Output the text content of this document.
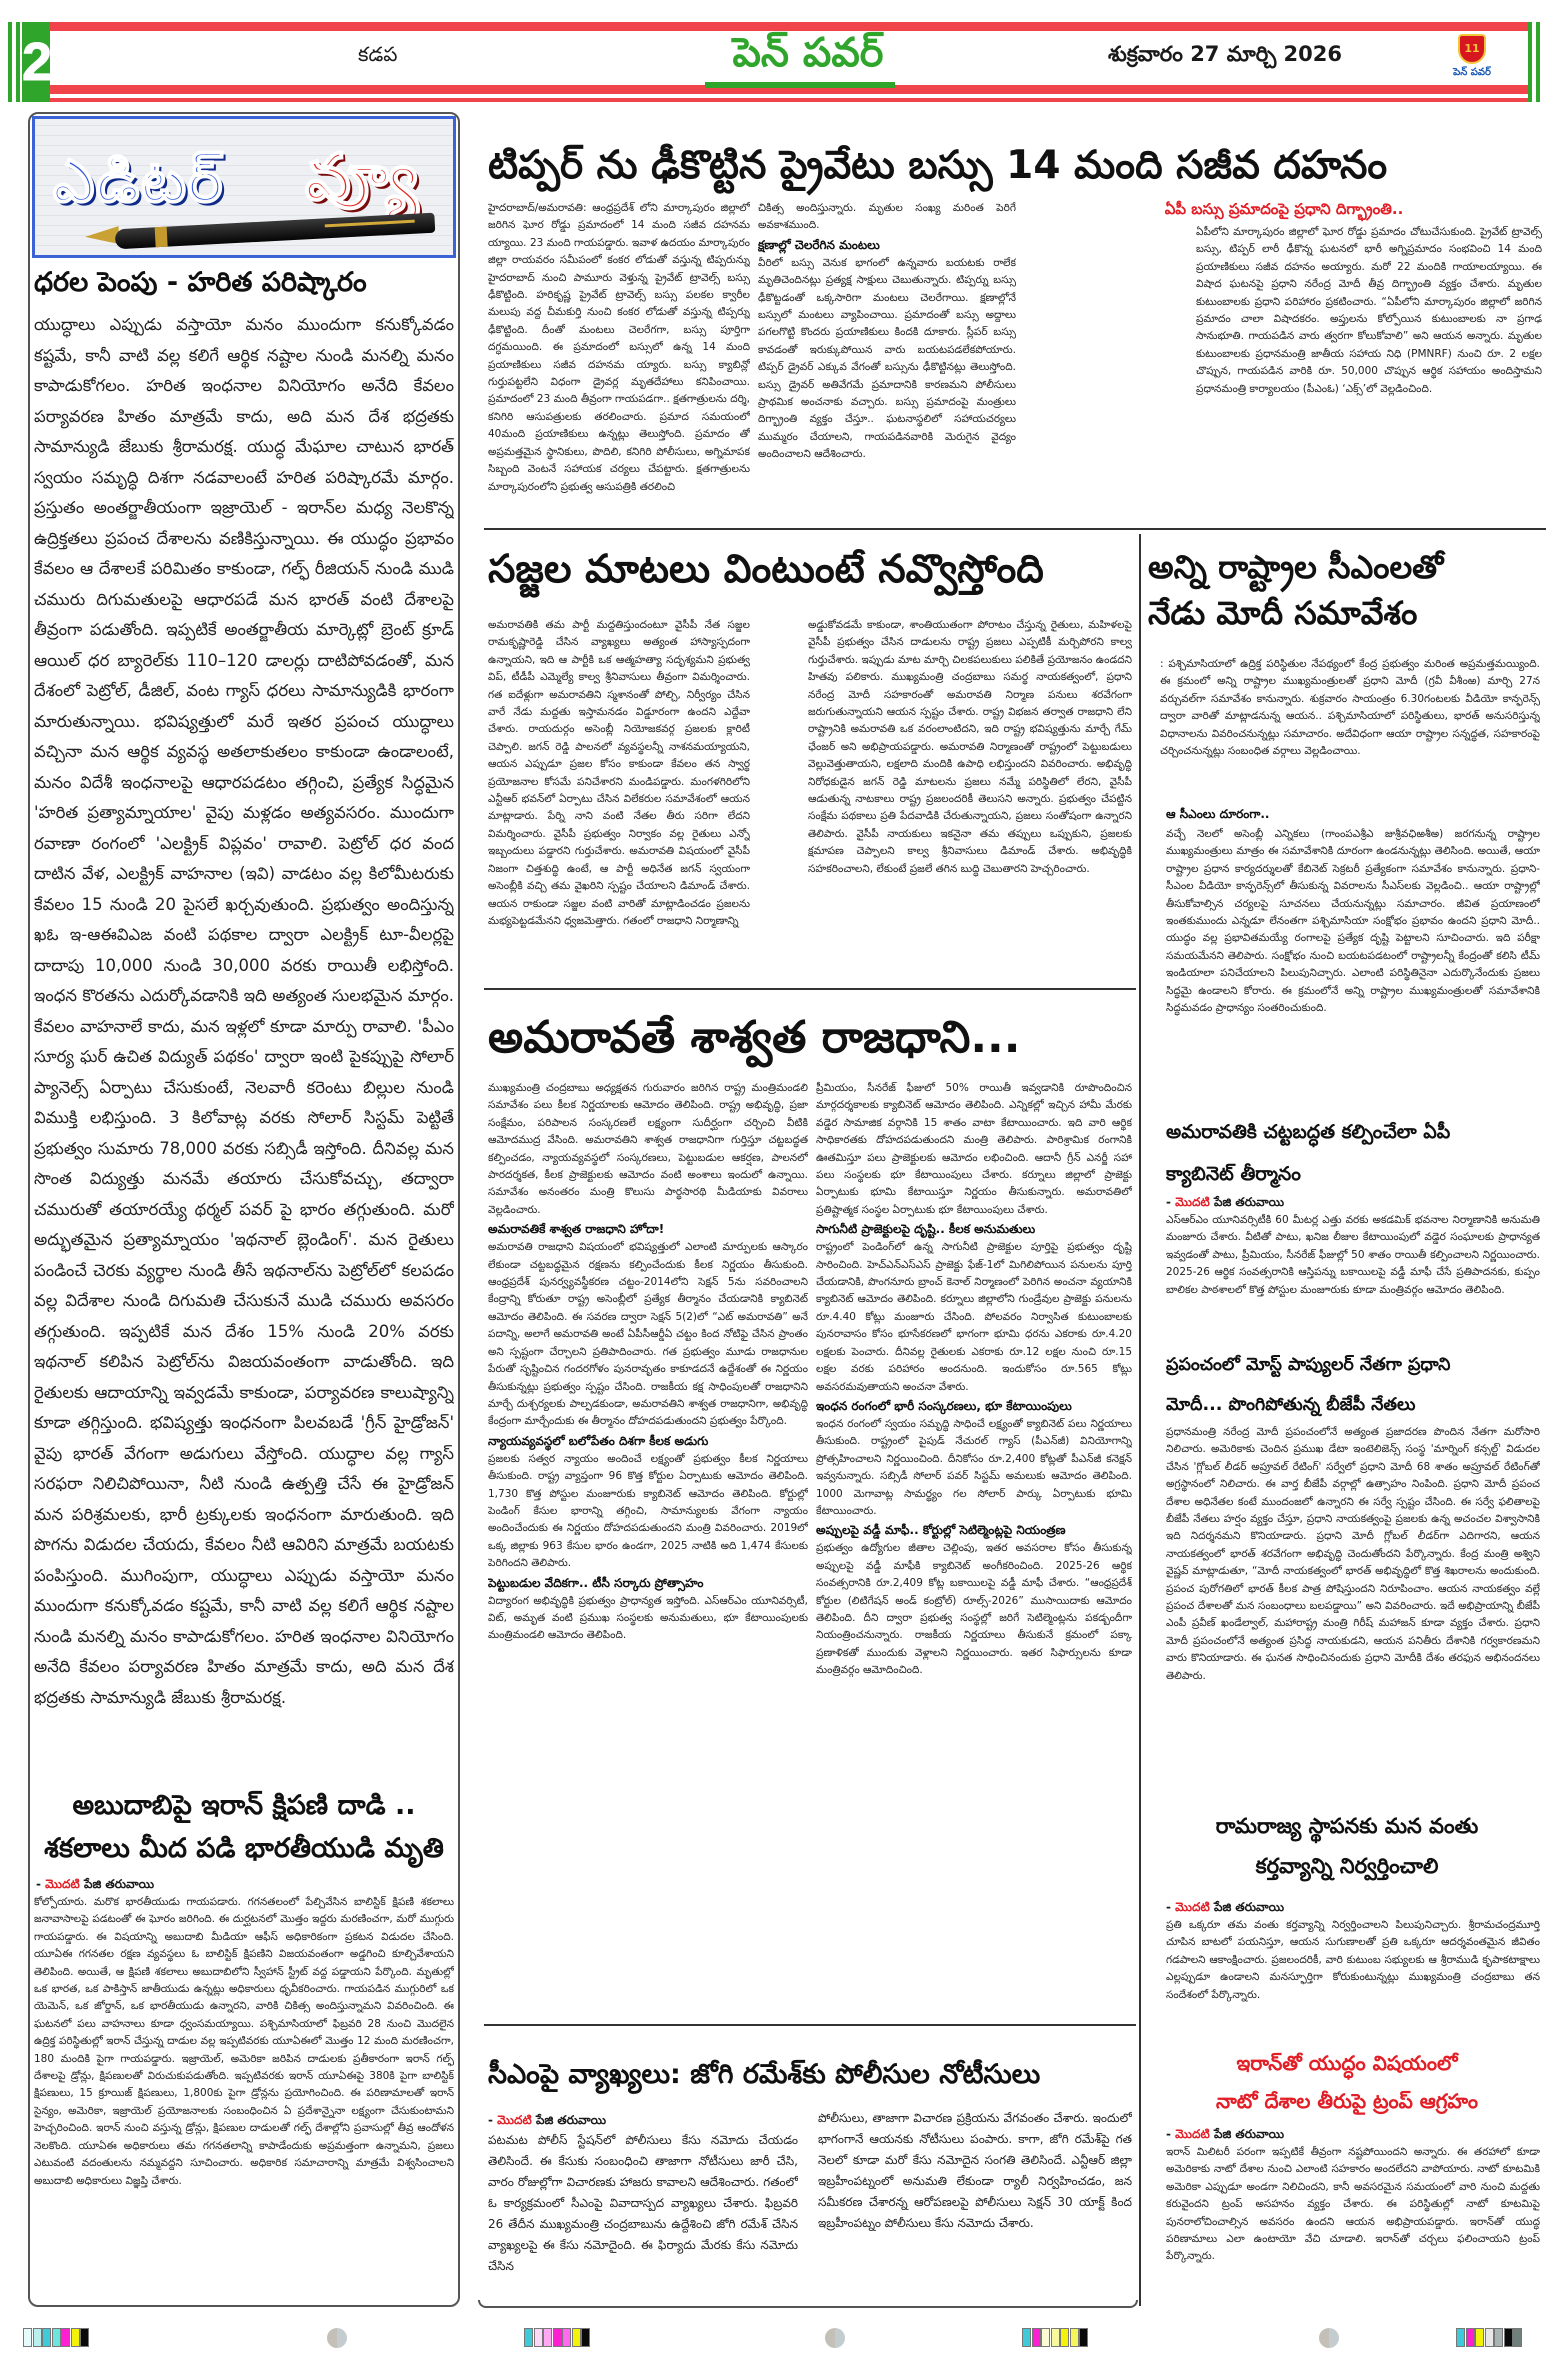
2	కడప	పెన్ పవర్	శుక్రవారం 27 మార్చి 2026	11
పెన్ పవర్
ఎడిటర్ వ్యూ
ధరల పెంపు - హరిత పరిష్కారం
యుద్ధాలు ఎప్పుడు వస్తాయో మనం ముందుగా కనుక్కోవడం కష్టమే, కానీ వాటి వల్ల కలిగే ఆర్థిక నష్టాల నుండి మనల్ని మనం కాపాడుకోగలం. హరిత ఇంధనాల వినియోగం అనేది కేవలం పర్యావరణ హితం మాత్రమే కాదు, అది మన దేశ భద్రతకు సామాన్యుడి జేబుకు శ్రీరామరక్ష. యుద్ధ మేఘాల చాటున భారత్ స్వయం సమృద్ధి దిశగా నడవాలంటే హరిత పరిష్కారమే మార్గం. ప్రస్తుతం అంతర్జాతీయంగా ఇజ్రాయెల్ - ఇరాన్‌ల మధ్య నెలకొన్న ఉద్రిక్తతలు ప్రపంచ దేశాలను వణికిస్తున్నాయి. ఈ యుద్ధం ప్రభావం కేవలం ఆ దేశాలకే పరిమితం కాకుండా, గల్ఫ్ రీజియన్ నుండి ముడి చమురు దిగుమతులపై ఆధారపడే మన భారత్ వంటి దేశాలపై తీవ్రంగా పడుతోంది. ఇప్పటికే అంతర్జాతీయ మార్కెట్లో బ్రెంట్ క్రూడ్ ఆయిల్ ధర బ్యారెల్‌కు 110–120 డాలర్లు దాటిపోవడంతో, మన దేశంలో పెట్రోల్, డీజిల్, వంట గ్యాస్ ధరలు సామాన్యుడికి భారంగా మారుతున్నాయి. భవిష్యత్తులో మరే ఇతర ప్రపంచ యుద్ధాలు వచ్చినా మన ఆర్థిక వ్యవస్థ అతలాకుతలం కాకుండా ఉండాలంటే, మనం విదేశీ ఇంధనాలపై ఆధారపడటం తగ్గించి, ప్రత్యేక సిద్ధమైన 'హరిత ప్రత్యామ్నాయాల' వైపు మళ్లడం అత్యవసరం. ముందుగా రవాణా రంగంలో 'ఎలక్ట్రిక్ విప్లవం' రావాలి. పెట్రోల్ ధర వంద దాటిన వేళ, ఎలక్ట్రిక్ వాహనాల (ఇవి) వాడటం వల్ల కిలోమీటరుకు కేవలం 15 నుండి 20 పైసలే ఖర్చవుతుంది. ప్రభుత్వం అందిస్తున్న ఖఓ ఇ-ఆఈవిఎఙ వంటి పథకాల ద్వారా ఎలక్ట్రిక్ టూ-వీలర్లపై దాదాపు 10,000 నుండి 30,000 వరకు రాయితీ లభిస్తోంది. ఇంధన కొరతను ఎదుర్కోవడానికి ఇది అత్యంత సులభమైన మార్గం. కేవలం వాహనాలే కాదు, మన ఇళ్లలో కూడా మార్పు రావాలి. 'పీఎం సూర్య ఘర్ ఉచిత విద్యుత్ పథకం' ద్వారా ఇంటి పైకప్పుపై సోలార్ ప్యానెల్స్ ఏర్పాటు చేసుకుంటే, నెలవారీ కరెంటు బిల్లుల నుండి విముక్తి లభిస్తుంది. 3 కిలోవాట్ల వరకు సోలార్ సిస్టమ్ పెట్టితే ప్రభుత్వం సుమారు 78,000 వరకు సబ్సిడీ ఇస్తోంది. దీనివల్ల మన సొంత విద్యుత్తు మనమే తయారు చేసుకోవచ్చు, తద్వారా చమురుతో తయారయ్యే థర్మల్ పవర్ పై భారం తగ్గుతుంది. మరో అద్భుతమైన ప్రత్యామ్నాయం 'ఇథనాల్ బ్లెండింగ్'. మన రైతులు పండించే చెరకు వ్యర్థాల నుండి తీసే ఇథనాల్‌ను పెట్రోల్‌లో కలపడం వల్ల విదేశాల నుండి దిగుమతి చేసుకునే ముడి చమురు అవసరం తగ్గుతుంది. ఇప్పటికే మన దేశం 15% నుండి 20% వరకు ఇథనాల్ కలిపిన పెట్రోల్‌ను విజయవంతంగా వాడుతోంది. ఇది రైతులకు ఆదాయాన్ని ఇవ్వడమే కాకుండా, పర్యావరణ కాలుష్యాన్ని కూడా తగ్గిస్తుంది. భవిష్యత్తు ఇంధనంగా పిలవబడే 'గ్రీన్ హైడ్రోజన్' వైపు భారత్ వేగంగా అడుగులు వేస్తోంది. యుద్ధాల వల్ల గ్యాస్ సరఫరా నిలిచిపోయినా, నీటి నుండి ఉత్పత్తి చేసే ఈ హైడ్రోజన్ మన పరిశ్రమలకు, భారీ ట్రక్కులకు ఇంధనంగా మారుతుంది. ఇది పొగను విడుదల చేయదు, కేవలం నీటి ఆవిరిని మాత్రమే బయటకు పంపిస్తుంది. ముగింపుగా, యుద్ధాలు ఎప్పుడు వస్తాయో మనం ముందుగా కనుక్కోవడం కష్టమే, కానీ వాటి వల్ల కలిగే ఆర్థిక నష్టాల నుండి మనల్ని మనం కాపాడుకోగలం. హరిత ఇంధనాల వినియోగం అనేది కేవలం పర్యావరణ హితం మాత్రమే కాదు, అది మన దేశ భద్రతకు సామాన్యుడి జేబుకు శ్రీరామరక్ష.
అబుదాబిపై ఇరాన్ క్షిపణి దాడి ..
శకలాలు మీద పడి భారతీయుడి మృతి
- మొదటి పేజి తరువాయి
కోల్పోయారు. మరొక భారతీయుడు గాయపడారు. గగనతలంలో పేల్చివేసిన బాలిస్టిక్ క్షిపణి శకలాలు జనావాసాలపై పడటంతో ఈ ఘోరం జరిగింది. ఈ దుర్ఘటనలో మొత్తం ఇద్దరు మరణించగా, మరో ముగ్గురు గాయపడ్డారు. ఈ విషయాన్ని అబుదాబి మీడియా ఆఫీస్ అధికారికంగా ప్రకటన విడుదల చేసింది. యూఏఈ గగనతల రక్షణ వ్యవస్థలు ఓ బాలిస్టిక్ క్షిపణిని విజయవంతంగా అడ్డగించి కూల్చివేశాయని తెలిపింది. అయితే, ఆ క్షిపణి శకలాలు అబుదాబిలోని స్వీహాన్ స్ట్రీట్ వద్ద పడ్డాయని పేర్కొంది. మృతుల్లో ఒక భారత, ఒక పాకిస్తాన్ జాతీయుడు ఉన్నట్లు అధికారులు ధృవీకరించారు. గాయపడిన ముగ్గురిలో ఒక యెమెన్, ఒక జోర్డాన్, ఒక భారతీయుడు ఉన్నారని, వారికి చికిత్స అందిస్తున్నామని వివరించింది. ఈ ఘటనలో పలు వాహనాలు కూడా ధ్వంసమయ్యాయి. పశ్చిమాసియాలో ఫిబ్రవరి 28 నుంచి మొదలైన ఉద్రిక్త పరిస్థితుల్లో ఇరాన్ చేస్తున్న దాడుల వల్ల ఇప్పటివరకు యూఏఈలో మొత్తం 12 మంది మరణించగా, 180 మందికి పైగా గాయపడ్డారు. ఇజ్రాయెల్, అమెరికా జరిపిన దాడులకు ప్రతీకారంగా ఇరాన్ గల్ఫ్ దేశాలపై డ్రోన్లు, క్షిపణులతో విరుచుకుపడుతోంది. ఇప్పటివరకు ఇరాన్ యూఏఈపై 380కి పైగా బాలిస్టిక్ క్షిపణులు, 15 క్రూయిజ్ క్షిపణులు, 1,800కు పైగా డ్రోన్లను ప్రయోగించింది. ఈ పరిణామాలతో ఇరాన్ సైన్యం, అమెరికా, ఇజ్రాయెల్ ప్రయోజనాలకు సంబంధించిన ఏ ప్రదేశాన్నైనా లక్ష్యంగా చేసుకుంటామని హెచ్చరించింది. ఇరాన్ నుంచి వస్తున్న డ్రోన్లు, క్షిపణుల దాడులతో గల్ఫ్ దేశాల్లోని ప్రవాసుల్లో తీవ్ర ఆందోళన నెలకొంది. యూఏఈ అధికారులు తమ గగనతలాన్ని కాపాడేందుకు అప్రమత్తంగా ఉన్నామని, ప్రజలు ఎటువంటి వదంతులను నమ్మవద్దని సూచించారు. అధికారిక సమాచారాన్ని మాత్రమే విశ్వసించాలని అబుదాబి అధికారులు విజ్ఞప్తి చేశారు.
టిప్పర్ ను ఢీకొట్టిన ప్రైవేటు బస్సు 14 మంది సజీవ దహనం
హైదరాబాద్/అమరావతి: ఆంధ్రప్రదేశ్ లోని మార్కాపురం జిల్లాలో జరిగిన ఘోర రోడ్డు ప్రమాదంలో 14 మంది సజీవ దహనమ య్యాయి. 23 మంది గాయపడ్డారు. ఇవాళ ఉదయం మార్కాపురం జిల్లా రాయవరం సమీపంలో కంకర లోడుతో వస్తున్న టిప్పరున్ను హైదరాబాద్ నుంచి పామూరు వెళ్తున్న ప్రైవేట్ ట్రావెల్స్ బస్సు ఢీకొట్టింది. హరికృష్ణ ప్రైవేట్ ట్రావెల్స్ బస్సు పలకల క్వారీల మలుపు వద్ద చీమకుర్తి నుంచి కంకర లోడుతో వస్తున్న టిప్పర్ను ఢీకొట్టింది. దీంతో మంటలు చెలరేగగా, బస్సు పూర్తిగా దగ్ధమయింది. ఈ ప్రమాదంలో బస్సులో ఉన్న 14 మంది ప్రయాణికులు సజీవ దహనమ య్యారు. బస్సు క్యాబిన్లో గుర్తుపట్టలేని విధంగా డ్రైవర్ల మృతదేహాలు కనిపించాయి. ప్రమాదంలో 23 మంది తీవ్రంగా గాయపడగా.. క్షతగాత్రులను దర్శి, కనిగిరి ఆసుపత్రులకు తరలించారు. ప్రమాద సమయంలో 40మంది ప్రయాణికులు ఉన్నట్లు తెలుస్తోంది. ప్రమాదం తో అప్రమత్తమైన స్థానికులు, పొదిలి, కనిగిరి పోలీసులు, అగ్నిమాపక సిబ్బంది వెంటనే సహాయక చర్యలు చేపట్టారు. క్షతగాత్రులను మార్కాపురంలోని ప్రభుత్వ ఆసుపత్రికి తరలించి
చికిత్స అందిస్తున్నారు. మృతుల సంఖ్య మరింత పెరిగే అవకాశముంది.
క్షణాల్లో చెలరేగిన మంటలు
వీరిలో బస్సు వెనుక భాగంలో ఉన్నవారు బయటకు రాలేక మృతిచెందినట్లు ప్రత్యక్ష సాక్షులు చెబుతున్నారు. టిప్పర్ను బస్సు ఢీకొట్టడంతో ఒక్కసారిగా మంటలు చెలరేగాయి. క్షణాల్లోనే బస్సులో మంటలు వ్యాపించాయి. ప్రమాదంతో బస్సు అద్దాలు పగలగొట్టి కొందరు ప్రయాణికులు కిందకి దూకారు. స్లీపర్ బస్సు కావడంతో ఇరుక్కుపోయిన వారు బయటపడలేకపోయారు. టిప్పర్ డ్రైవర్ ఎక్కువ వేగంతో బస్సును ఢీకొట్టినట్లు తెలుస్తోంది. బస్సు డ్రైవర్ అతివేగమే ప్రమాదానికి కారణమని పోలీసులు ప్రాథమిక అంచనాకు వచ్చారు. బస్సు ప్రమాదంపై మంత్రులు దిగ్భ్రాంతి వ్యక్తం చేస్తూ.. ఘటనాస్థలిలో సహాయచర్యలు ముమ్మరం చేయాలని, గాయపడినవారికి మెరుగైన వైద్యం అందించాలని ఆదేశించారు.
ఏపీ బస్సు ప్రమాదంపై ప్రధాని దిగ్భ్రాంతి..
ఏపీలోని మార్కాపురం జిల్లాలో ఘోర రోడ్డు ప్రమాదం చోటుచేసుకుంది. ప్రైవేట్ ట్రావెల్స్ బస్సు, టిప్పర్ లారీ ఢీకొన్న ఘటనలో భారీ అగ్నిప్రమాదం సంభవించి 14 మంది ప్రయాణికులు సజీవ దహనం అయ్యారు. మరో 22 మందికి గాయాలయ్యాయి. ఈ విషాద ఘటనపై ప్రధాని నరేంద్ర మోదీ తీవ్ర దిగ్భ్రాంతి వ్యక్తం చేశారు. మృతుల కుటుంబాలకు ప్రధాని పరిహారం ప్రకటించారు. “ఏపీలోని మార్కాపురం జిల్లాలో జరిగిన ప్రమాదం చాలా విషాదకరం. అప్తులను కోల్పోయిన కుటుంబాలకు నా ప్రగాఢ సానుభూతి. గాయపడిన వారు త్వరగా కోలుకోవాలి” అని ఆయన అన్నారు. మృతుల కుటుంబాలకు ప్రధానమంత్రి జాతీయ సహాయ నిధి (PMNRF) నుంచి రూ. 2 లక్షల చొప్పున, గాయపడిన వారికి రూ. 50,000 చొప్పున ఆర్థిక సహాయం అందిస్తామని ప్రధానమంత్రి కార్యాలయం (పీఎంఓ) ‘ఎక్స్’లో వెల్లడించింది.
సజ్జల మాటలు వింటుంటే నవ్వొస్తోంది
అమరావతికి తమ పార్టీ మద్దతిస్తుందంటూ వైసీపీ నేత సజ్జల రామకృష్ణారెడ్డి చేసిన వ్యాఖ్యలు అత్యంత హాస్యాస్పదంగా ఉన్నాయని, ఇది ఆ పార్టీకి ఒక ఆత్మహత్యా సదృశ్యమని ప్రభుత్వ విప్, టీడీపీ ఎమ్మెల్యే కాల్వ శ్రీనివాసులు తీవ్రంగా విమర్శించారు. గత ఐదేళ్లుగా అమరావతిని స్మశానంతో పోల్చి, నిర్వీర్యం చేసిన వారే నేడు మద్దతు ఇస్తామనడం విడ్డూరంగా ఉందని ఎద్దేవా చేశారు. రాయదుర్గం అసెంబ్లీ నియోజకవర్గ ప్రజలకు క్లారిటీ చెప్పాలి. జగన్ రెడ్డి పాలనలో వ్యవస్థలన్నీ నాశనమయ్యాయని, ఆయన ఎప్పుడూ ప్రజల కోసం కాకుండా కేవలం తన స్వార్థ ప్రయోజనాల కోసమే పనిచేశారని మండిపడ్డారు. మంగళగిరిలోని ఎన్టీఆర్ భవన్‌లో ఏర్పాటు చేసిన విలేకరుల సమావేశంలో ఆయన మాట్లాడారు. పేర్ని నాని వంటి నేతల తీరు సరిగా లేదని విమర్శించారు. వైసీపీ ప్రభుత్వం నిర్వాకం వల్ల రైతులు ఎన్నో ఇబ్బందులు పడ్డారని గుర్తుచేశారు. అమరావతి విషయంలో వైసీపీ నిజంగా చిత్తశుద్ధి ఉంటే, ఆ పార్టీ అధినేత జగన్ స్వయంగా అసెంబ్లీకి వచ్చి తమ వైఖరిని స్పష్టం చేయాలని డిమాండ్ చేశారు. ఆయన రాకుండా సజ్జల వంటి వారితో మాట్లాడించడం ప్రజలను మభ్యపెట్టడమేనని ధ్వజమెత్తారు. గతంలో రాజధాని నిర్మాణాన్ని
అడ్డుకోవడమే కాకుండా, శాంతియుతంగా పోరాటం చేస్తున్న రైతులు, మహిళలపై వైసీపీ ప్రభుత్వం చేసిన దాడులను రాష్ట్ర ప్రజలు ఎప్పటికీ మర్చిపోరని కాల్వ గుర్తుచేశారు. ఇప్పుడు మాట మార్చి చిలకపలుకులు పలికితే ప్రయోజనం ఉండదని హితవు పలికారు. ముఖ్యమంత్రి చంద్రబాబు సమర్థ నాయకత్వంలో, ప్రధాని నరేంద్ర మోదీ సహకారంతో అమరావతి నిర్మాణ పనులు శరవేగంగా జరుగుతున్నాయని ఆయన స్పష్టం చేశారు. రాష్ట్ర విభజన తర్వాత రాజధాని లేని రాష్ట్రానికి అమరావతి ఒక వరంలాంటిదని, ఇది రాష్ట్ర భవిష్యత్తును మార్చే గేమ్ ఛేంజర్ అని అభిప్రాయపడ్డారు. అమరావతి నిర్మాణంతో రాష్ట్రంలో పెట్టుబడులు వెల్లువెత్తుతాయని, లక్షలాది మందికి ఉపాధి లభిస్తుందని వివరించారు. అభివృద్ధి నిరోధకుడైన జగన్ రెడ్డి మాటలను ప్రజలు నమ్మే పరిస్థితిలో లేరని, వైసీపీ ఆడుతున్న నాటకాలు రాష్ట్ర ప్రజలందరికీ తెలుసని అన్నారు. ప్రభుత్వం చేపట్టిన సంక్షేమ పథకాలు ప్రతి పేదవాడికి చేరుతున్నాయని, ప్రజలు సంతోషంగా ఉన్నారని తెలిపారు. వైసీపీ నాయకులు ఇకనైనా తమ తప్పులు ఒప్పుకుని, ప్రజలకు క్షమాపణ చెప్పాలని కాల్వ శ్రీనివాసులు డిమాండ్ చేశారు. అభివృద్ధికి సహకరించాలని, లేకుంటే ప్రజలే తగిన బుద్ధి చెబుతారని హెచ్చరించారు.
అన్ని రాష్ట్రాల సీఎంలతో
నేడు మోదీ సమావేశం
: పశ్చిమాసియాలో ఉద్రిక్త పరిస్థితుల నేపథ్యంలో కేంద్ర ప్రభుత్వం మరింత అప్రమత్తమయ్యింది. ఈ క్రమంలో అన్ని రాష్ట్రాల ముఖ్యమంత్రులతో ప్రధాని మోదీ (గ్రవీ వీశీంఱ) మార్చి 27న వర్చువల్‌గా సమావేశం కానున్నారు. శుక్రవారం సాయంత్రం 6.30గంటలకు వీడియో కాన్ఫరెన్స్ ద్వారా వారితో మాట్లాడనున్న ఆయన.. పశ్చిమాసియాలో పరిస్థితులు, భారత్ అనుసరిస్తున్న విధానాలను వివరించనున్నట్లు సమాచారం. అదేవిధంగా ఆయా రాష్ట్రాల సన్నద్ధత, సహకారంపై చర్చించనున్నట్లు సంబంధిత వర్గాలు వెల్లడించాయి.
ఆ సీఎంలు దూరంగా..
వచ్చే నెలలో అసెంబ్లీ ఎన్నికలు (గాంంపఎశ్రీఎ జుశ్రీవఛిఱశీఅ) జరగనున్న రాష్ట్రాల ముఖ్యమంత్రులు మాత్రం ఈ సమావేశానికి దూరంగా ఉండనున్నట్లు తెలిసింది. అయితే, ఆయా రాష్ట్రాల ప్రధాన కార్యదర్శులతో కేబినెట్ సెక్రటరీ ప్రత్యేకంగా సమావేశం కానున్నారు. ప్రధాని-సీఎంల వీడియో కాన్ఫరెన్స్‌లో తీసుకున్న వివరాలను సీఎస్‌లకు వెల్లడించి.. ఆయా రాష్ట్రాల్లో తీసుకోవాల్సిన చర్యలపై సూచనలు చేయనున్నట్లు సమాచారం. జీవిత ప్రయాణంలో ఇంతకుముందు ఎన్నడూ లేనంతగా పశ్చిమాసియా సంక్షోభం ప్రభావం ఉందని ప్రధాని మోదీ.. యుద్ధం వల్ల ప్రభావితమయ్యే రంగాలపై ప్రత్యేక దృష్టి పెట్టాలని సూచించారు. ఇది పరీక్షా సమయమేనని తెలిపారు. సంక్షోభం నుంచి బయటపడటంలో రాష్ట్రాలన్నీ కేంద్రంతో కలిసి టీమ్ ఇండియాలా పనిచేయాలని పిలుపునిచ్చారు. ఎలాంటి పరిస్థితినైనా ఎదుర్కొనేందుకు ప్రజలు సిద్ధమై ఉండాలని కోరారు. ఈ క్రమంలోనే అన్ని రాష్ట్రాల ముఖ్యమంత్రులతో సమావేశానికి సిద్ధమవడం ప్రాధాన్యం సంతరించుకుంది.
అమరావతే శాశ్వత రాజధాని...
ముఖ్యమంత్రి చంద్రబాబు అధ్యక్షతన గురువారం జరిగిన రాష్ట్ర మంత్రిమండలి సమావేశం పలు కీలక నిర్ణయాలకు ఆమోదం తెలిపింది. రాష్ట్ర అభివృద్ధి, ప్రజా సంక్షేమం, పరిపాలన సంస్కరణలే లక్ష్యంగా సుదీర్ఘంగా చర్చించి వీటికి ఆమోదముద్ర వేసింది. అమరావతిని శాశ్వత రాజధానిగా గుర్తిస్తూ చట్టబద్ధత కల్పించడం, న్యాయవ్యవస్థలో సంస్కరణలు, పెట్టుబడుల ఆకర్షణ, పాలనలో పారదర్శకత, కీలక ప్రాజెక్టులకు ఆమోదం వంటి అంశాలు ఇందులో ఉన్నాయి. సమావేశం అనంతరం మంత్రి కొలుసు పార్థసారథి మీడియాకు వివరాలు వెల్లడించారు.
అమరావతికే శాశ్వత రాజధాని హోదా!
అమరావతి రాజధాని విషయంలో భవిష్యత్తులో ఎలాంటి మార్పులకు ఆస్కారం లేకుండా చట్టబద్ధమైన రక్షణను కల్పించేందుకు కీలక నిర్ణయం తీసుకుంది. ఆంధ్రప్రదేశ్ పునర్వ్యవస్థీకరణ చట్టం-2014లోని సెక్షన్ 5ను సవరించాలని కేంద్రాన్ని కోరుతూ రాష్ట్ర అసెంబ్లీలో ప్రత్యేక తీర్మానం చేయడానికి క్యాబినెట్ ఆమోదం తెలిపింది. ఈ సవరణ ద్వారా సెక్షన్ 5(2)లో “ఎట్ అమరావతి” అనే పదాన్ని, అలాగే అమరావతి అంటే ఏపీసీఆర్డీఏ చట్టం కింద నోటిఫై చేసిన ప్రాంతం అని స్పష్టంగా చేర్చాలని ప్రతిపాదించారు. గత ప్రభుత్వం మూడు రాజధానుల పేరుతో సృష్టించిన గందరగోళం పునరావృతం కాకూడదనే ఉద్దేశంతో ఈ నిర్ణయం తీసుకున్నట్లు ప్రభుత్వం స్పష్టం చేసింది. రాజకీయ కక్ష సాధింపులతో రాజధానిని మార్చే దుశ్చర్యలకు పాల్పడకుండా, అమరావతిని శాశ్వత రాజధానిగా, అభివృద్ధి కేంద్రంగా మార్చేందుకు ఈ తీర్మానం దోహదపడుతుందని ప్రభుత్వం పేర్కొంది.
న్యాయవ్యవస్థలో బలోపేతం దిశగా కీలక అడుగు
ప్రజలకు సత్వర న్యాయం అందించే లక్ష్యంతో ప్రభుత్వం కీలక నిర్ణయాలు తీసుకుంది. రాష్ట్ర వ్యాప్తంగా 96 కొత్త కోర్టుల ఏర్పాటుకు ఆమోదం తెలిపింది. 1,730 కొత్త పోస్టుల మంజూరుకు క్యాబినెట్ ఆమోదం తెలిపింది. కోర్టుల్లో పెండింగ్ కేసుల భారాన్ని తగ్గించి, సామాన్యులకు వేగంగా న్యాయం అందించేందుకు ఈ నిర్ణయం దోహదపడుతుందని మంత్రి వివరించారు. 2019లో ఒక్క జిల్లాకు 963 కేసుల భారం ఉండగా, 2025 నాటికి అది 1,474 కేసులకు పెరిగిందని తెలిపారు.
పెట్టుబడుల వేదికగా.. టీసీ సర్కారు ప్రోత్సాహం
విద్యారంగ అభివృద్ధికి ప్రభుత్వం ప్రాధాన్యత ఇస్తోంది. ఎస్ఆర్ఎం యూనివర్సిటీ, విట్, అమృత వంటి ప్రముఖ సంస్థలకు అనుమతులు, భూ కేటాయింపులకు మంత్రిమండలి ఆమోదం తెలిపింది.
ప్రీమియం, సీనరేజ్ ఫీజులో 50% రాయితీ ఇవ్వడానికి రూపొందించిన మార్గదర్శకాలకు క్యాబినెట్ ఆమోదం తెలిపింది. ఎన్నికల్లో ఇచ్చిన హామీ మేరకు వడ్డెర సామాజిక వర్గానికి 15 శాతం వాటా కేటాయించారు. ఇది వారి ఆర్థిక సాధికారతకు దోహదపడుతుందని మంత్రి తెలిపారు. పారిశ్రామిక రంగానికి ఊతమిస్తూ పలు ప్రాజెక్టులకు ఆమోదం లభించింది. ఆదానీ గ్రీన్ ఎనర్జీ సహా పలు సంస్థలకు భూ కేటాయింపులు చేశారు. కర్నూలు జిల్లాలో ప్రాజెక్టు ఏర్పాటుకు భూమి కేటాయిస్తూ నిర్ణయం తీసుకున్నారు. అమరావతిలో ప్రతిష్టాత్మక సంస్థల ఏర్పాటుకు భూ కేటాయింపులు చేశారు.
సాగునీటి ప్రాజెక్టులపై దృష్టి.. కీలక అనుమతులు
రాష్ట్రంలో పెండింగ్‌లో ఉన్న సాగునీటి ప్రాజెక్టుల పూర్తిపై ప్రభుత్వం దృష్టి సారించింది. హెచ్ఎన్ఎస్ఎస్ ప్రాజెక్టు ఫేజ్-1లో మిగిలిపోయిన పనులను పూర్తి చేయడానికి, పొంగనూరు బ్రాంచ్ కెనాల్ నిర్మాణంలో పెరిగిన అంచనా వ్యయానికి క్యాబినెట్ ఆమోదం తెలిపింది. కర్నూలు జిల్లాలోని గుండ్రేవుల ప్రాజెక్టు పనులను రూ.4.40 కోట్లు మంజూరు చేసింది. పోలవరం నిర్వాసిత కుటుంబాలకు పునరావాసం కోసం భూసేకరణలో భాగంగా భూమి ధరను ఎకరాకు రూ.4.20 లక్షలకు పెంచారు. దీనివల్ల రైతులకు ఎకరాకు రూ.12 లక్షల నుంచి రూ.15 లక్షల వరకు పరిహారం అందనుంది. ఇందుకోసం రూ.565 కోట్లు అవసరమవుతాయని అంచనా వేశారు.
ఇంధన రంగంలో భారీ సంస్కరణలు, భూ కేటాయింపులు
ఇంధన రంగంలో స్వయం సమృద్ధి సాధించే లక్ష్యంతో క్యాబినెట్ పలు నిర్ణయాలు తీసుకుంది. రాష్ట్రంలో పైపుడ్ నేచురల్ గ్యాస్ (పీఎన్‌జీ) వినియోగాన్ని ప్రోత్సహించాలని నిర్ణయించింది. దీనికోసం రూ.2,400 కోట్లతో పీఎన్‌జీ కనెక్షన్ ఇవ్వనున్నారు. సబ్సిడీ సోలార్ పవర్ సిస్టమ్ అమలుకు ఆమోదం తెలిపింది. 1000 మెగావాట్ల సామర్థ్యం గల సోలార్ పార్కు ఏర్పాటుకు భూమి కేటాయించారు.
అప్పులపై వడ్డీ మాఫీ.. కోర్టుల్లో సెటిల్మెంట్లపై నియంత్రణ
ప్రభుత్వం ఉద్యోగుల జీతాల చెల్లింపు, ఇతర అవసరాల కోసం తీసుకున్న అప్పులపై వడ్డీ మాఫీకి క్యాబినెట్ అంగీకరించింది. 2025-26 ఆర్థిక సంవత్సరానికి రూ.2,409 కోట్ల బకాయిలపై వడ్డీ మాఫీ చేశారు. “ఆంధ్రప్రదేశ్ కోర్టుల (లిటిగేషన్ అండ్ కంట్రోల్) రూల్స్-2026” ముసాయిదాకు ఆమోదం తెలిపింది. దీని ద్వారా ప్రభుత్వ సంస్థల్లో జరిగే సెటిల్మెంట్లను పకడ్బందీగా నియంత్రించనున్నారు. రాజకీయ నిర్ణయాలు తీసుకునే క్రమంలో పక్కా ప్రణాళికతో ముందుకు వెళ్లాలని నిర్ణయించారు. ఇతర సిఫార్సులను కూడా మంత్రివర్గం ఆమోదించింది.
అమరావతికి చట్టబద్ధత కల్పించేలా ఏపీ
క్యాబినెట్ తీర్మానం
- మొదటి పేజి తరువాయి
ఎస్ఆర్ఎం యూనివర్సిటీకి 60 మీటర్ల ఎత్తు వరకు అకడమిక్ భవనాల నిర్మాణానికి అనుమతి మంజూరు చేశారు. వీటితో పాటు, ఖనిజ లీజుల కేటాయింపులో వడ్డెర సంఘాలకు ప్రాధాన్యత ఇవ్వడంతో పాటు, ప్రీమియం, సీనరేజ్ ఫీజుల్లో 50 శాతం రాయితీ కల్పించాలని నిర్ణయించారు. 2025-26 ఆర్థిక సంవత్సరానికి ఆస్తిపన్ను బకాయిలపై వడ్డీ మాఫీ చేసే ప్రతిపాదనకు, కుప్పం బాలికల పాఠశాలలో కొత్త పోస్టుల మంజూరుకు కూడా మంత్రివర్గం ఆమోదం తెలిపింది.
ప్రపంచంలో మోస్ట్ పాప్యులర్ నేతగా ప్రధాని
మోదీ... పొంగిపోతున్న బీజేపీ నేతలు
ప్రధానమంత్రి నరేంద్ర మోదీ ప్రపంచంలోనే అత్యంత ప్రజాదరణ పొందిన నేతగా మరోసారి నిలిచారు. అమెరికాకు చెందిన ప్రముఖ డేటా ఇంటెలిజెన్స్ సంస్థ 'మార్నింగ్ కన్సల్ట్' విడుదల చేసిన 'గ్లోబల్ లీడర్ అప్రూవల్ రేటింగ్' సర్వేలో ప్రధాని మోదీ 68 శాతం అప్రూవల్ రేటింగ్‌తో అగ్రస్థానంలో నిలిచారు. ఈ వార్త బీజేపీ వర్గాల్లో ఉత్సాహం నింపింది. ప్రధాని మోదీ ప్రపంచ దేశాల అధినేతల కంటే ముందంజలో ఉన్నారని ఈ సర్వే స్పష్టం చేసింది. ఈ సర్వే ఫలితాలపై బీజేపీ నేతలు హర్షం వ్యక్తం చేస్తూ, ప్రధాని నాయకత్వంపై ప్రజలకు ఉన్న అచంచల విశ్వాసానికి ఇది నిదర్శనమని కొనియాడారు. ప్రధాని మోదీ గ్లోబల్ లీడర్‌గా ఎదిగారని, ఆయన నాయకత్వంలో భారత్ శరవేగంగా అభివృద్ధి చెందుతోందని పేర్కొన్నారు. కేంద్ర మంత్రి అశ్విని వైష్ణవ్ మాట్లాడుతూ, “మోదీ నాయకత్వంలో భారత్ అభివృద్ధిలో కొత్త శిఖరాలను అందుకుంది. ప్రపంచ పురోగతిలో భారత్ కీలక పాత్ర పోషిస్తుందని నిరూపించాం. ఆయన నాయకత్వం వల్లే ప్రపంచ దేశాలతో మన సంబంధాలు బలపడ్డాయి” అని వివరించారు. ఇదే అభిప్రాయాన్ని బీజేపీ ఎంపీ ప్రవీణ్ ఖండేల్వాల్, మహారాష్ట్ర మంత్రి గిరీష్ మహాజన్ కూడా వ్యక్తం చేశారు. ప్రధాని మోదీ ప్రపంచంలోనే అత్యంత ప్రసిద్ధ నాయకుడని, ఆయన పనితీరు దేశానికి గర్వకారణమని వారు కొనియాడారు. ఈ ఘనత సాధించినందుకు ప్రధాని మోదీకి దేశం తరఫున అభినందనలు తెలిపారు.
రామరాజ్య స్థాపనకు మన వంతు
కర్తవ్యాన్ని నిర్వర్తించాలి
- మొదటి పేజి తరువాయి
ప్రతి ఒక్కరూ తమ వంతు కర్తవ్యాన్ని నిర్వర్తించాలని పిలుపునిచ్చారు. శ్రీరామచంద్రమూర్తి చూపిన బాటలో పయనిస్తూ, ఆయన సుగుణాలతో ప్రతి ఒక్కరూ ఆదర్శవంతమైన జీవితం గడపాలని ఆకాంక్షించారు. ప్రజలందరికీ, వారి కుటుంబ సభ్యులకు ఆ శ్రీరాముడి కృపాకటాక్షాలు ఎల్లప్పుడూ ఉండాలని మనస్ఫూర్తిగా కోరుకుంటున్నట్లు ముఖ్యమంత్రి చంద్రబాబు తన సందేశంలో పేర్కొన్నారు.
ఇరాన్‌తో యుద్ధం విషయంలో
నాటో దేశాల తీరుపై ట్రంప్ ఆగ్రహం
- మొదటి పేజి తరువాయి
ఇరాన్ మిలిటరీ పరంగా ఇప్పటికే తీవ్రంగా నష్టపోయిందని అన్నారు. ఈ తరహాలో కూడా అమెరికాకు నాటో దేశాల నుంచి ఎలాంటి సహకారం అందలేదని వాపోయారు. నాటో కూటమికి అమెరికా ఎప్పుడూ అండగా నిలిచిందని, కానీ అవసరమైన సమయంలో వారి నుంచి మద్దతు కరువైందని ట్రంప్ అసహనం వ్యక్తం చేశారు. ఈ పరిస్థితుల్లో నాటో కూటమిపై పునరాలోచించాల్సిన అవసరం ఉందని ఆయన అభిప్రాయపడ్డారు. ఇరాన్‌తో యుద్ధ పరిణామాలు ఎలా ఉంటాయో వేచి చూడాలి. ఇరాన్‌తో చర్చలు ఫలించాయని ట్రంప్ పేర్కొన్నారు.
సీఎంపై వ్యాఖ్యలు: జోగి రమేశ్‌కు పోలీసుల నోటీసులు
- మొదటి పేజి తరువాయి
పటమట పోలీస్ స్టేషన్‌లో పోలీసులు కేసు నమోదు చేయడం తెలిసిందే. ఈ కేసుకు సంబంధించి తాజాగా నోటీసులు జారీ చేసి, వారం రోజుల్లోగా విచారణకు హాజరు కావాలని ఆదేశించారు. గతంలో ఓ కార్యక్రమంలో సీఎంపై వివాదాస్పద వ్యాఖ్యలు చేశారు. ఫిబ్రవరి 26 తేదీన ముఖ్యమంత్రి చంద్రబాబును ఉద్దేశించి జోగి రమేశ్ చేసిన వ్యాఖ్యలపై ఈ కేసు నమోదైంది. ఈ ఫిర్యాదు మేరకు కేసు నమోదు చేసిన
పోలీసులు, తాజాగా విచారణ ప్రక్రియను వేగవంతం చేశారు. ఇందులో భాగంగానే ఆయనకు నోటీసులు పంపారు. కాగా, జోగి రమేశ్‌పై గత నెలలో కూడా మరో కేసు నమోదైన సంగతి తెలిసిందే. ఎన్టీఆర్ జిల్లా ఇబ్రహీంపట్నంలో అనుమతి లేకుండా ర్యాలీ నిర్వహించడం, జన సమీకరణ చేశారన్న ఆరోపణలపై పోలీసులు సెక్షన్ 30 యాక్ట్ కింద ఇబ్రహీంపట్నం పోలీసులు కేసు నమోదు చేశారు.
